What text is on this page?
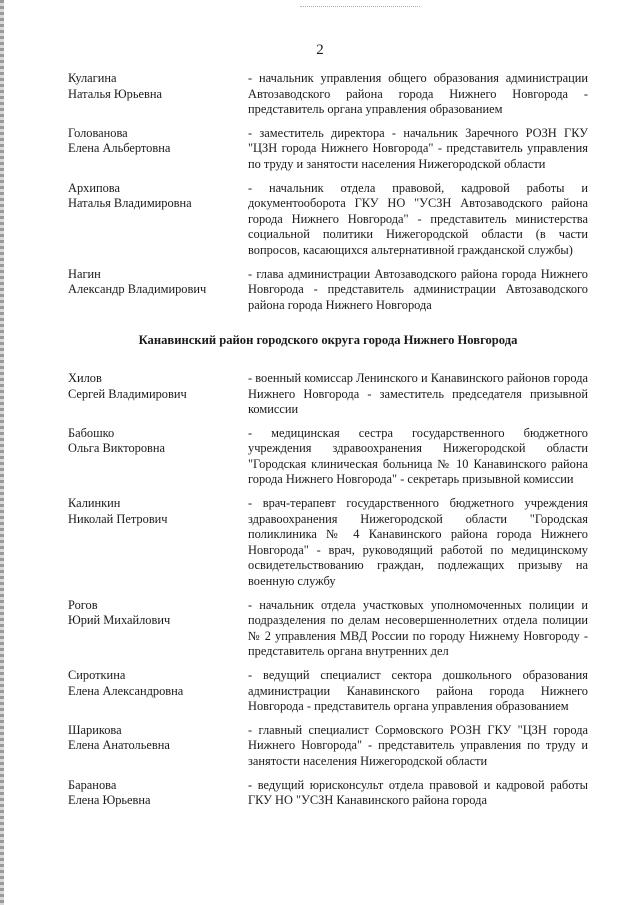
2
Кулагина
Наталья Юрьевна
- начальник управления общего образования администрации Автозаводского района города Нижнего Новгорода - представитель органа управления образованием
Голованова
Елена Альбертовна
- заместитель директора - начальник Заречного РОЗН ГКУ "ЦЗН города Нижнего Новгорода" - представитель управления по труду и занятости населения Нижегородской области
Архипова
Наталья Владимировна
- начальник отдела правовой, кадровой работы и документооборота ГКУ НО "УСЗН Автозаводского района города Нижнего Новгорода" - представитель министерства социальной политики Нижегородской области (в части вопросов, касающихся альтернативной гражданской службы)
Нагин
Александр Владимирович
- глава администрации Автозаводского района города Нижнего Новгорода - представитель администрации Автозаводского района города Нижнего Новгорода
Канавинский район городского округа города Нижнего Новгорода
Хилов
Сергей Владимирович
- военный комиссар Ленинского и Канавинского районов города Нижнего Новгорода - заместитель председателя призывной комиссии
Бабошко
Ольга Викторовна
- медицинская сестра государственного бюджетного учреждения здравоохранения Нижегородской области "Городская клиническая больница № 10 Канавинского района города Нижнего Новгорода" - секретарь призывной комиссии
Калинкин
Николай Петрович
- врач-терапевт государственного бюджетного учреждения здравоохранения Нижегородской области "Городская поликлиника № 4 Канавинского района города Нижнего Новгорода" - врач, руководящий работой по медицинскому освидетельствованию граждан, подлежащих призыву на военную службу
Рогов
Юрий Михайлович
- начальник отдела участковых уполномоченных полиции и подразделения по делам несовершеннолетних отдела полиции № 2 управления МВД России по городу Нижнему Новгороду - представитель органа внутренних дел
Сироткина
Елена Александровна
- ведущий специалист сектора дошкольного образования администрации Канавинского района города Нижнего Новгорода - представитель органа управления образованием
Шарикова
Елена Анатольевна
- главный специалист Сормовского РОЗН ГКУ "ЦЗН города Нижнего Новгорода" - представитель управления по труду и занятости населения Нижегородской области
Баранова
Елена Юрьевна
- ведущий юрисконсульт отдела правовой и кадровой работы ГКУ НО "УСЗН Канавинского района города
